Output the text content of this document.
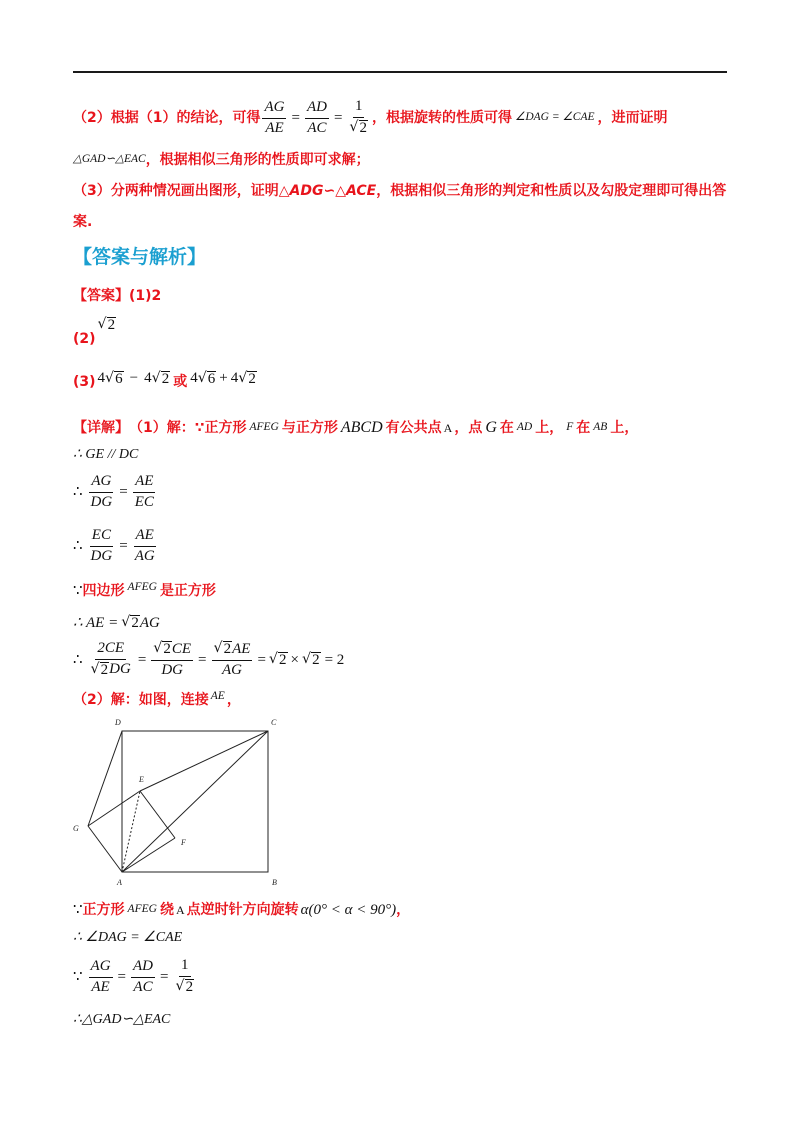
（2）根据（1）的结论，可得 $\frac{AG}{AE} = \frac{AD}{AC} = \frac{1}{√ 2}$ ，根据旋转的性质可得 ∠DAG = ∠CAE ，进而证明
△GAD∽△EAC ，根据相似三角形的性质即可求解；
（3）分两种情况画出图形，证明 △ADG∽△ACE ，根据相似三角形的判定和性质以及勾股定理即可得出答
案.
【答案与解析】
【答案】 (1)2
(2)
√ 2
(3) 4 √ 6 − 4 √ 2 或 4 √ 6 + 4 √ 2
【详解】 （1）解：∵正方形 AFEG 与正方形 ABCD 有公共点 A ，点 G 在 AD 上， F 在 AB 上，
∴ GE // DC
∴ $\frac{AG}{DG} = \frac{AE}{EC}$
∴ $\frac{EC}{DG} = \frac{AE}{AG}$
∵ 四边形 AFEG 是正方形
∴ AE = √ 2 AG
∴ $\frac{2CE}{√ 2 DG} = \frac{√ 2 CE}{DG} = \frac{√ 2 AE}{AG}$ = √ 2 × √ 2 = 2
（2）解：如图，连接 AE ，
D	C
B
A
E
F
G
∵ 正方形 AFEG 绕 A 点逆时针方向旋转 α(0° < α < 90°) ，
∴ ∠DAG = ∠CAE
∵ $\frac{AG}{AE} = \frac{AD}{AC} = \frac{1}{√ 2}$
∴△GAD∽△EAC
